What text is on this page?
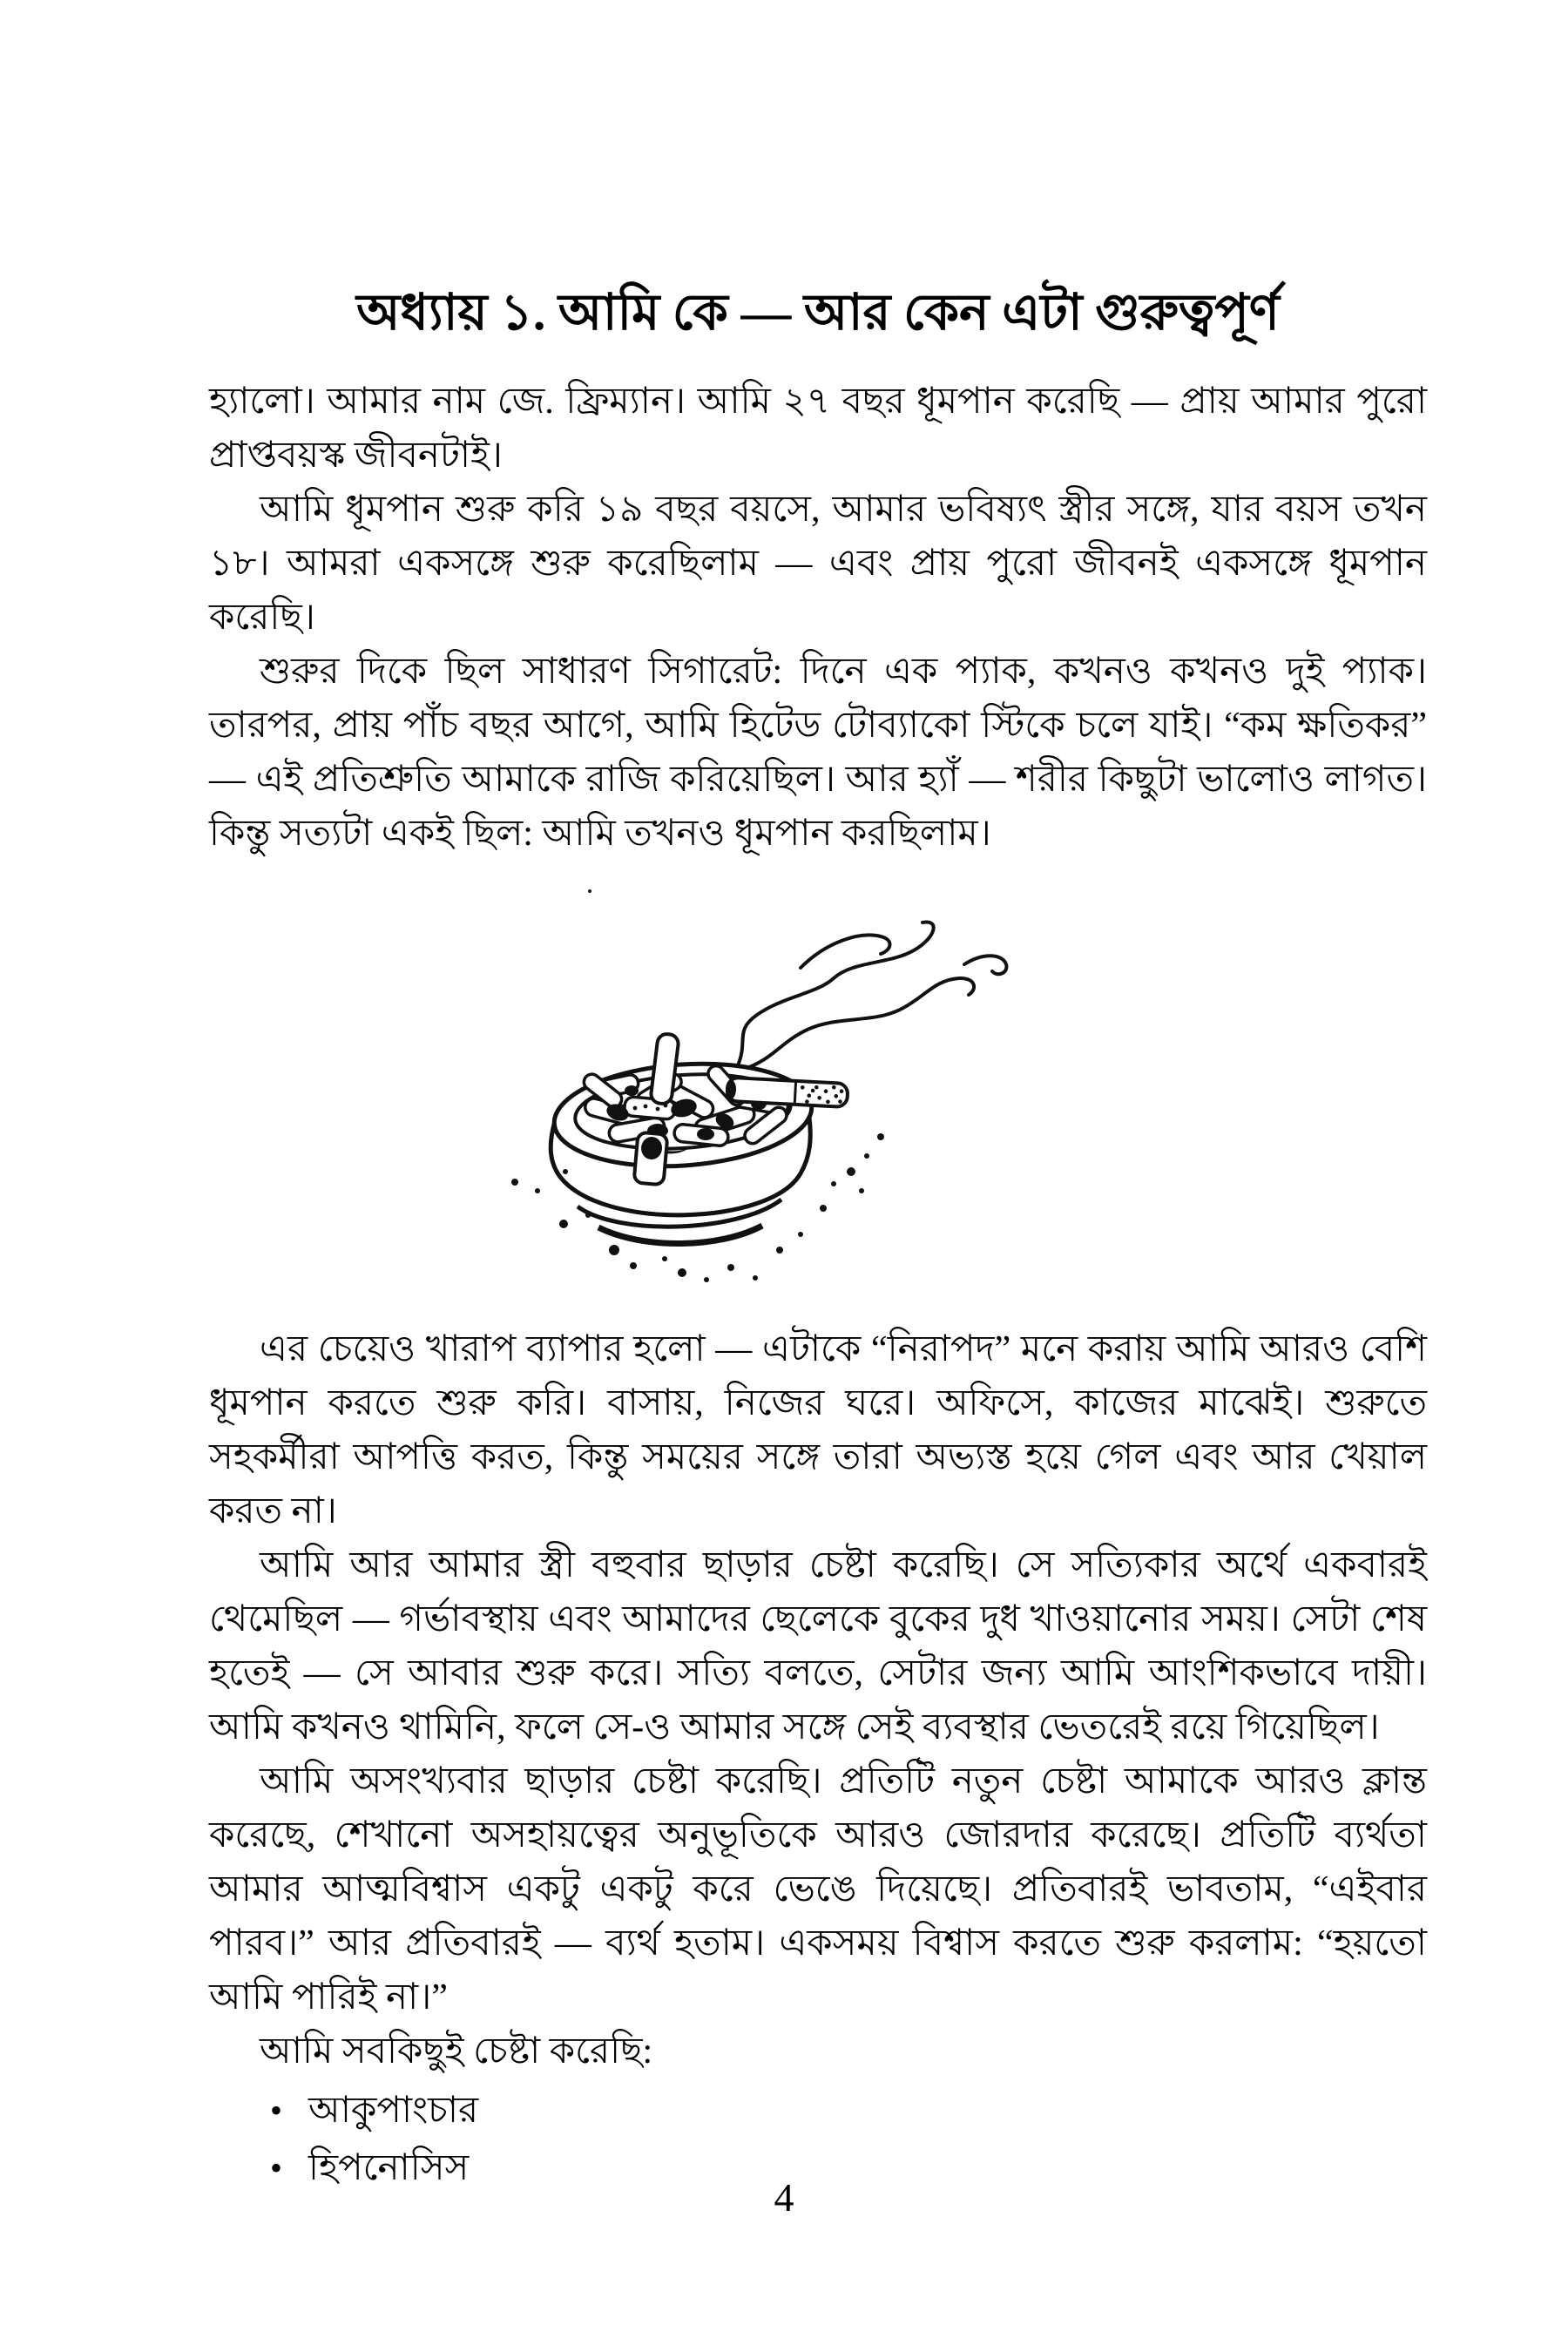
অধ্যায় ১. আমি কে — আর কেন এটা গুরুত্বপূর্ণ

হ্যালো। আমার নাম জে. ফ্রিম্যান। আমি ২৭ বছর ধূমপান করেছি — প্রায় আমার পুরো প্রাপ্তবয়স্ক জীবনটাই।

আমি ধূমপান শুরু করি ১৯ বছর বয়সে, আমার ভবিষ্যৎ স্ত্রীর সঙ্গে, যার বয়স তখন ১৮। আমরা একসঙ্গে শুরু করেছিলাম — এবং প্রায় পুরো জীবনই একসঙ্গে ধূমপান করেছি।

শুরুর দিকে ছিল সাধারণ সিগারেট: দিনে এক প্যাক, কখনও কখনও দুই প্যাক। তারপর, প্রায় পাঁচ বছর আগে, আমি হিটেড টোব্যাকো স্টিকে চলে যাই। “কম ক্ষতিকর” — এই প্রতিশ্রুতি আমাকে রাজি করিয়েছিল। আর হ্যাঁ — শরীর কিছুটা ভালোও লাগত। কিন্তু সত্যটা একই ছিল: আমি তখনও ধূমপান করছিলাম।

এর চেয়েও খারাপ ব্যাপার হলো — এটাকে “নিরাপদ” মনে করায় আমি আরও বেশি ধূমপান করতে শুরু করি। বাসায়, নিজের ঘরে। অফিসে, কাজের মাঝেই। শুরুতে সহকর্মীরা আপত্তি করত, কিন্তু সময়ের সঙ্গে তারা অভ্যস্ত হয়ে গেল এবং আর খেয়াল করত না।

আমি আর আমার স্ত্রী বহুবার ছাড়ার চেষ্টা করেছি। সে সত্যিকার অর্থে একবারই থেমেছিল — গর্ভাবস্থায় এবং আমাদের ছেলেকে বুকের দুধ খাওয়ানোর সময়। সেটা শেষ হতেই — সে আবার শুরু করে। সত্যি বলতে, সেটার জন্য আমি আংশিকভাবে দায়ী। আমি কখনও থামিনি, ফলে সে-ও আমার সঙ্গে সেই ব্যবস্থার ভেতরেই রয়ে গিয়েছিল।

আমি অসংখ্যবার ছাড়ার চেষ্টা করেছি। প্রতিটি নতুন চেষ্টা আমাকে আরও ক্লান্ত করেছে, শেখানো অসহায়ত্বের অনুভূতিকে আরও জোরদার করেছে। প্রতিটি ব্যর্থতা আমার আত্মবিশ্বাস একটু একটু করে ভেঙে দিয়েছে। প্রতিবারই ভাবতাম, “এইবার পারব।” আর প্রতিবারই — ব্যর্থ হতাম। একসময় বিশ্বাস করতে শুরু করলাম: “হয়তো আমি পারিই না।”

আমি সবকিছুই চেষ্টা করেছি:

• আকুপাংচার
• হিপনোসিস
4
